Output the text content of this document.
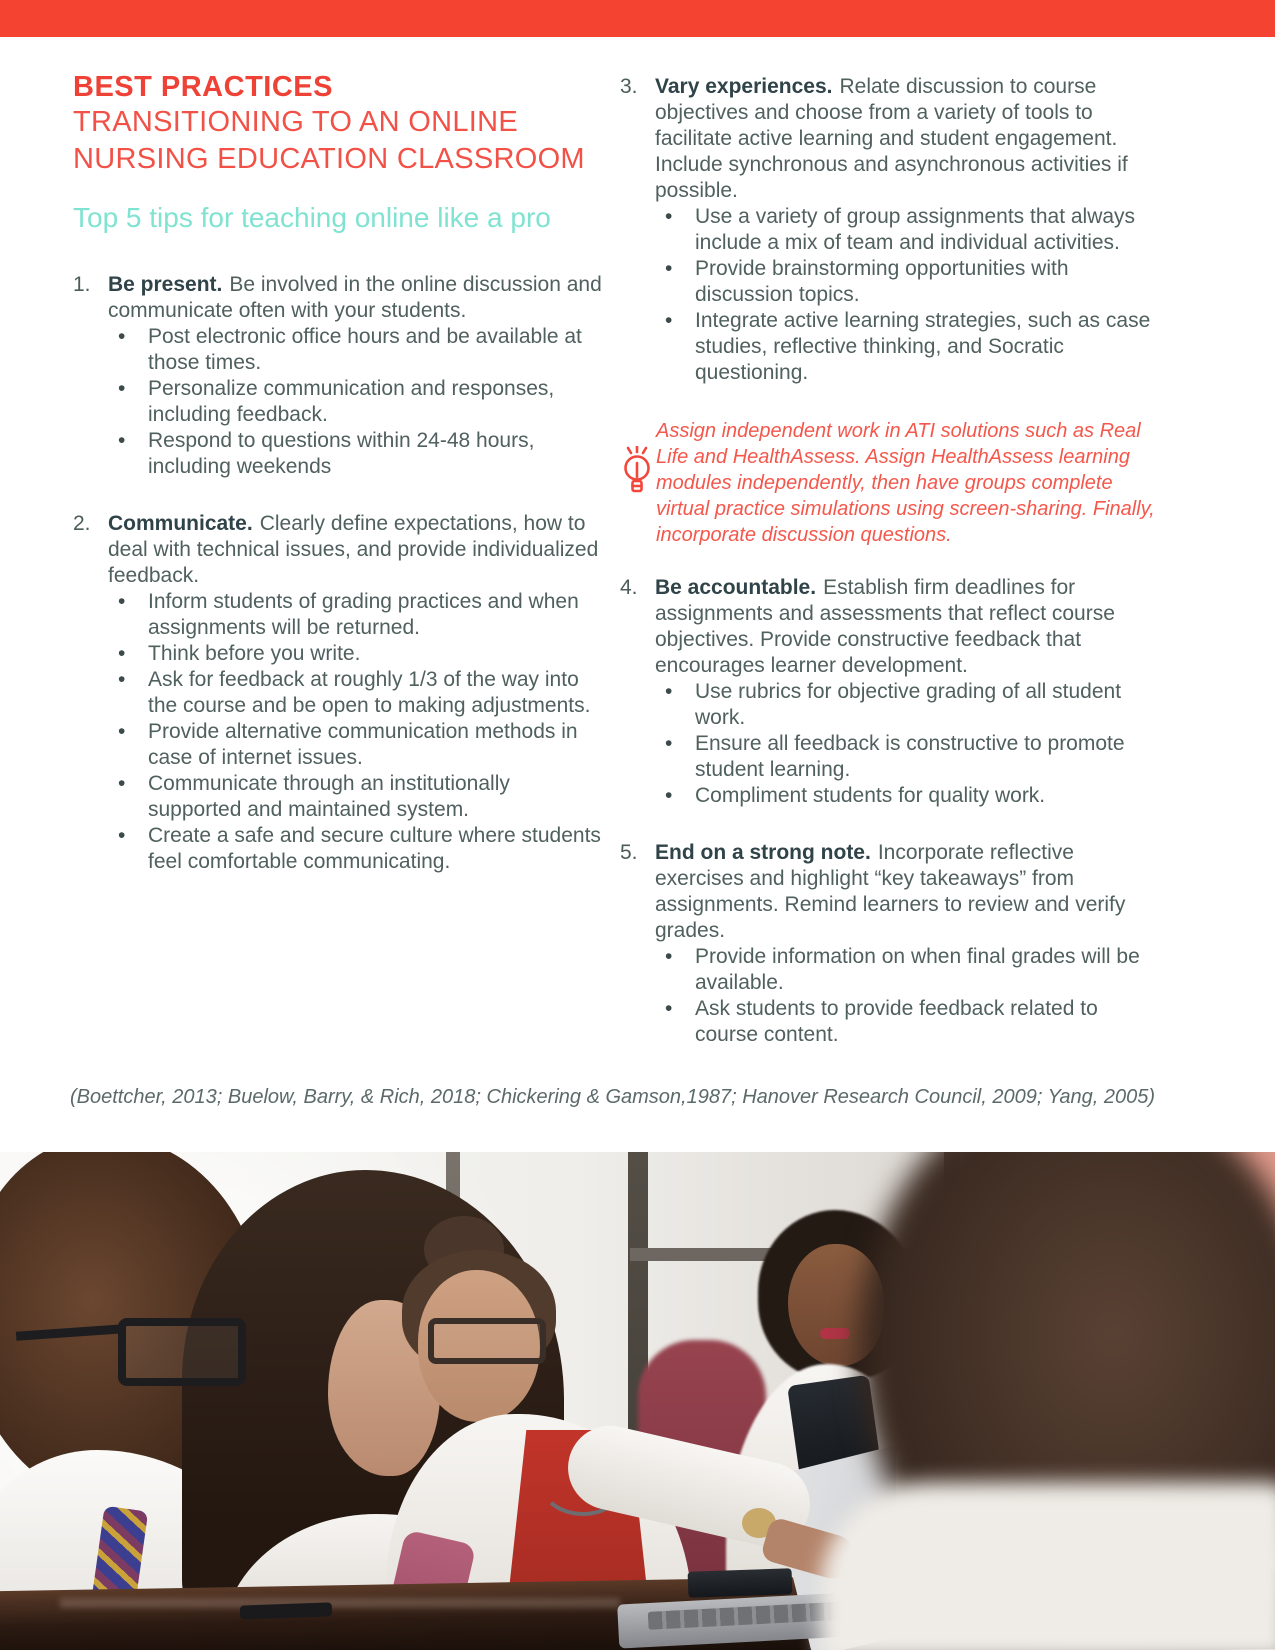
BEST PRACTICES
TRANSITIONING TO AN ONLINE
NURSING EDUCATION CLASSROOM
Top 5 tips for teaching online like a pro
1. Be present. Be involved in the online discussion and communicate often with your students.

• Post electronic office hours and be available at those times.
• Personalize communication and responses, including feedback.
• Respond to questions within 24-48 hours, including weekends
2. Communicate. Clearly define expectations, how to deal with technical issues, and provide individualized feedback.

• Inform students of grading practices and when assignments will be returned.
• Think before you write.
• Ask for feedback at roughly 1/3 of the way into the course and be open to making adjustments.
• Provide alternative communication methods in case of internet issues.
• Communicate through an institutionally supported and maintained system.
• Create a safe and secure culture where students feel comfortable communicating.
3. Vary experiences. Relate discussion to course objectives and choose from a variety of tools to facilitate active learning and student engagement. Include synchronous and asynchronous activities if possible.

• Use a variety of group assignments that always include a mix of team and individual activities.
• Provide brainstorming opportunities with discussion topics.
• Integrate active learning strategies, such as case studies, reflective thinking, and Socratic questioning.

Assign independent work in ATI solutions such as Real Life and HealthAssess. Assign HealthAssess learning modules independently, then have groups complete virtual practice simulations using screen-sharing. Finally, incorporate discussion questions.

4. Be accountable. Establish firm deadlines for assignments and assessments that reflect course objectives. Provide constructive feedback that encourages learner development.

• Use rubrics for objective grading of all student work.
• Ensure all feedback is constructive to promote student learning.
• Compliment students for quality work.
5. End on a strong note. Incorporate reflective exercises and highlight “key takeaways” from assignments. Remind learners to review and verify grades.

• Provide information on when final grades will be available.
• Ask students to provide feedback related to course content.
(Boettcher, 2013; Buelow, Barry, & Rich, 2018; Chickering & Gamson,1987; Hanover Research Council, 2009; Yang, 2005)
